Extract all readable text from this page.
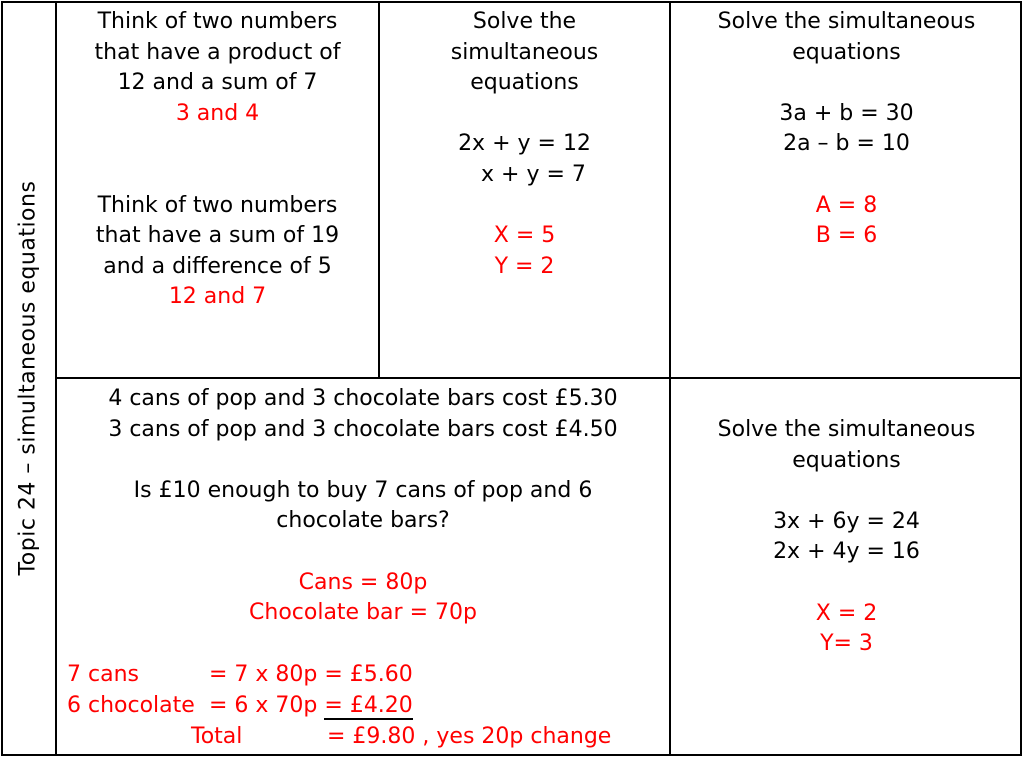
Topic 24 – simultaneous equations
Think of two numbers
that have a product of
12 and a sum of 7
3 and 4
Think of two numbers
that have a sum of 19
and a difference of 5
12 and 7
Solve the
simultaneous
equations
2x + y = 12
x + y = 7
X = 5
Y = 2
Solve the simultaneous
equations
3a + b = 30
2a – b = 10
A = 8
B = 6
4 cans of pop and 3 chocolate bars cost £5.30
3 cans of pop and 3 chocolate bars cost £4.50
Is £10 enough to buy 7 cans of pop and 6
chocolate bars?
Cans = 80p
Chocolate bar = 70p
7 cans	= 7 x 80p = £5.60
6 chocolate = 6 x 70p = £4.20
Total	= £9.80 , yes 20p change
Solve the simultaneous
equations
3x + 6y = 24
2x + 4y = 16
X = 2
Y= 3
